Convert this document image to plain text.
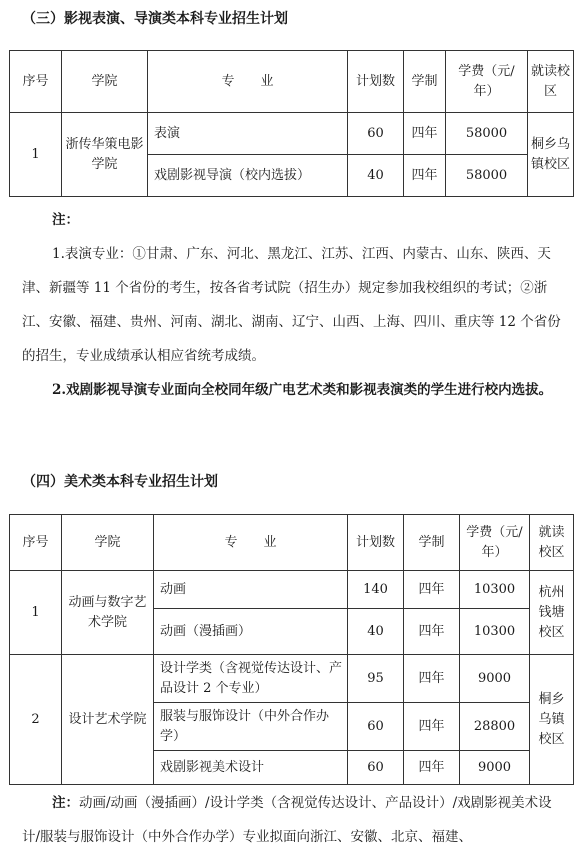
（三）影视表演、导演类本科专业招生计划
序号	学院	专　　业	计划数	学制	学费（元/年）	就读校区
1	浙传华策电影学院	表演	60	四年	58000	桐乡乌镇校区
		戏剧影视导演（校内选拔）	40	四年	58000	

注：

1.表演专业：①甘肃、广东、河北、黑龙江、江苏、江西、内蒙古、山东、陕西、天津、新疆等 11 个省份的考生，按各省考试院（招生办）规定参加我校组织的考试；②浙江、安徽、福建、贵州、河南、湖北、湖南、辽宁、山西、上海、四川、重庆等 12 个省份的招生，专业成绩承认相应省统考成绩。

2.戏剧影视导演专业面向全校同年级广电艺术类和影视表演类的学生进行校内选拔。

（四）美术类本科专业招生计划
序号	学院	专　　业	计划数	学制	学费（元/年）	就读校区
1	动画与数字艺术学院	动画	140	四年	10300	杭州钱塘校区
		动画（漫插画）	40	四年	10300	
2	设计艺术学院	设计学类（含视觉传达设计、产品设计 2 个专业）	95	四年	9000	桐乡乌镇校区
		服装与服饰设计（中外合作办学）	60	四年	28800	
		戏剧影视美术设计	60	四年	9000	

注：动画/动画（漫插画）/设计学类（含视觉传达设计、产品设计）/戏剧影视美术设计/服装与服饰设计（中外合作办学）专业拟面向浙江、安徽、北京、福建、
